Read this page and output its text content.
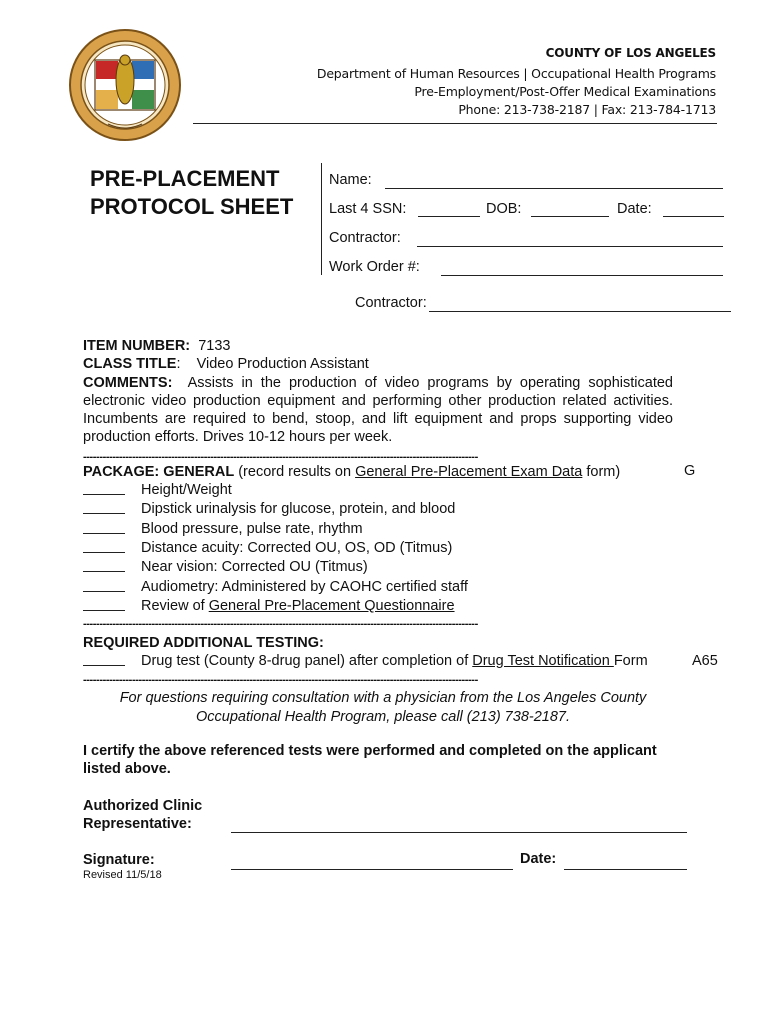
COUNTY OF LOS ANGELES
Department of Human Resources | Occupational Health Programs
Pre-Employment/Post-Offer Medical Examinations
Phone: 213-738-2187 | Fax: 213-784-1713
PRE-PLACEMENT
PROTOCOL SHEET
Name:
Last 4 SSN:	DOB:	Date:
Contractor:
Work Order #:
Contractor:
ITEM NUMBER: 7133
CLASS TITLE: Video Production Assistant
COMMENTS: Assists in the production of video programs by operating sophisticated electronic video production equipment and performing other production related activities. Incumbents are required to bend, stoop, and lift equipment and props supporting video production efforts. Drives 10-12 hours per week.
-------------------------------------------------------------------------------------------------------------------------
PACKAGE: GENERAL (record results on General Pre-Placement Exam Data form)	G
Height/Weight
Dipstick urinalysis for glucose, protein, and blood
Blood pressure, pulse rate, rhythm
Distance acuity: Corrected OU, OS, OD (Titmus)
Near vision: Corrected OU (Titmus)
Audiometry: Administered by CAOHC certified staff
Review of General Pre-Placement Questionnaire
-------------------------------------------------------------------------------------------------------------------------
REQUIRED ADDITIONAL TESTING:
Drug test (County 8-drug panel) after completion of Drug Test Notification Form	A65
-------------------------------------------------------------------------------------------------------------------------
For questions requiring consultation with a physician from the Los Angeles County
Occupational Health Program, please call (213) 738-2187.
I certify the above referenced tests were performed and completed on the applicant listed above.
Authorized Clinic
Representative:
Signature:	Date:
Revised 11/5/18
